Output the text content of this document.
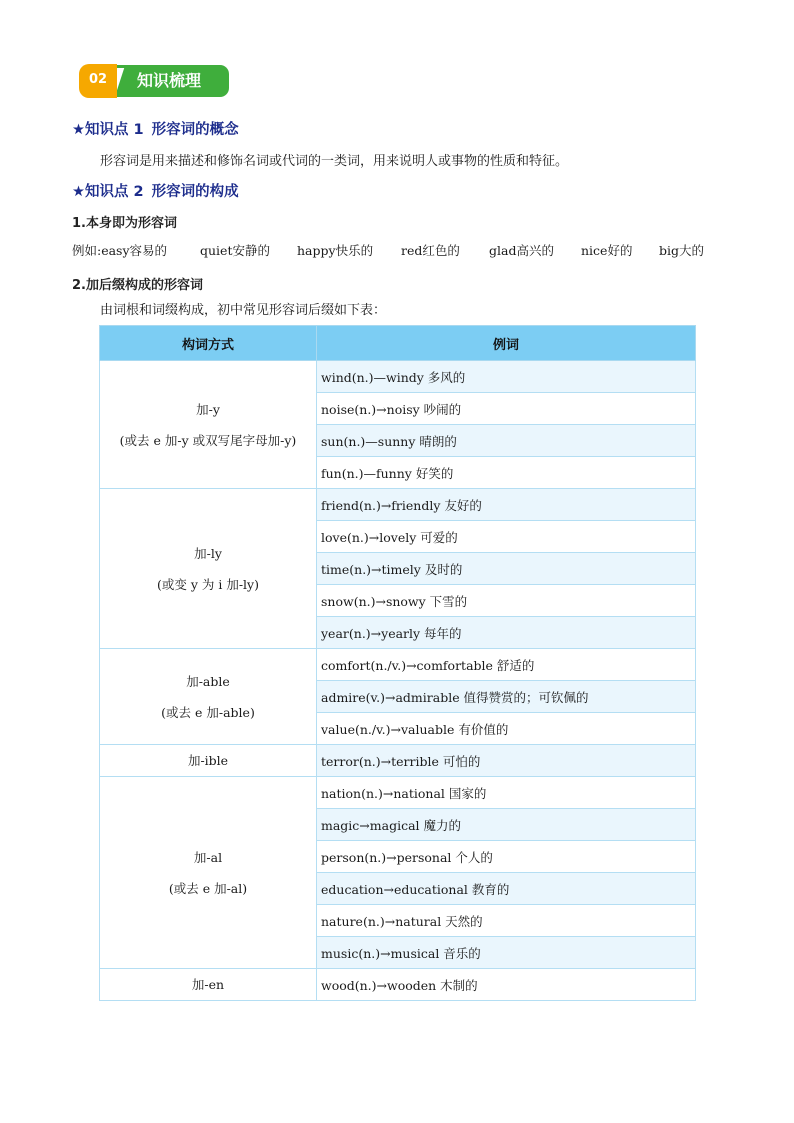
02	知识梳理
★知识点 1 形容词的概念
形容词是用来描述和修饰名词或代词的一类词，用来说明人或事物的性质和特征。
★知识点 2 形容词的构成
1.本身即为形容词
例如:easy容易的	quiet安静的 happy快乐的 red红色的 glad高兴的 nice好的 big大的
2.加后缀构成的形容词
由词根和词缀构成，初中常见形容词后缀如下表：
构词方式	例词

加-y
(或去 e 加-y 或双写尾字母加-y)	wind(n.)—windy 多风的
	noise(n.)→noisy 吵闹的
	sun(n.)—sunny 晴朗的
	fun(n.)—funny 好笑的

加-ly
(或变 y 为 i 加-ly)	friend(n.)→friendly 友好的
	love(n.)→lovely 可爱的
	time(n.)→timely 及时的
	snow(n.)→snowy 下雪的
	year(n.)→yearly 每年的

加-able
(或去 e 加-able)	comfort(n./v.)→comfortable 舒适的
	admire(v.)→admirable 值得赞赏的；可钦佩的
	value(n./v.)→valuable 有价值的

加-ible	terror(n.)→terrible 可怕的

加-al
(或去 e 加-al)	nation(n.)→national 国家的
	magic→magical 魔力的
	person(n.)→personal 个人的
	education→educational 教育的
	nature(n.)→natural 天然的
	music(n.)→musical 音乐的

加-en	wood(n.)→wooden 木制的
